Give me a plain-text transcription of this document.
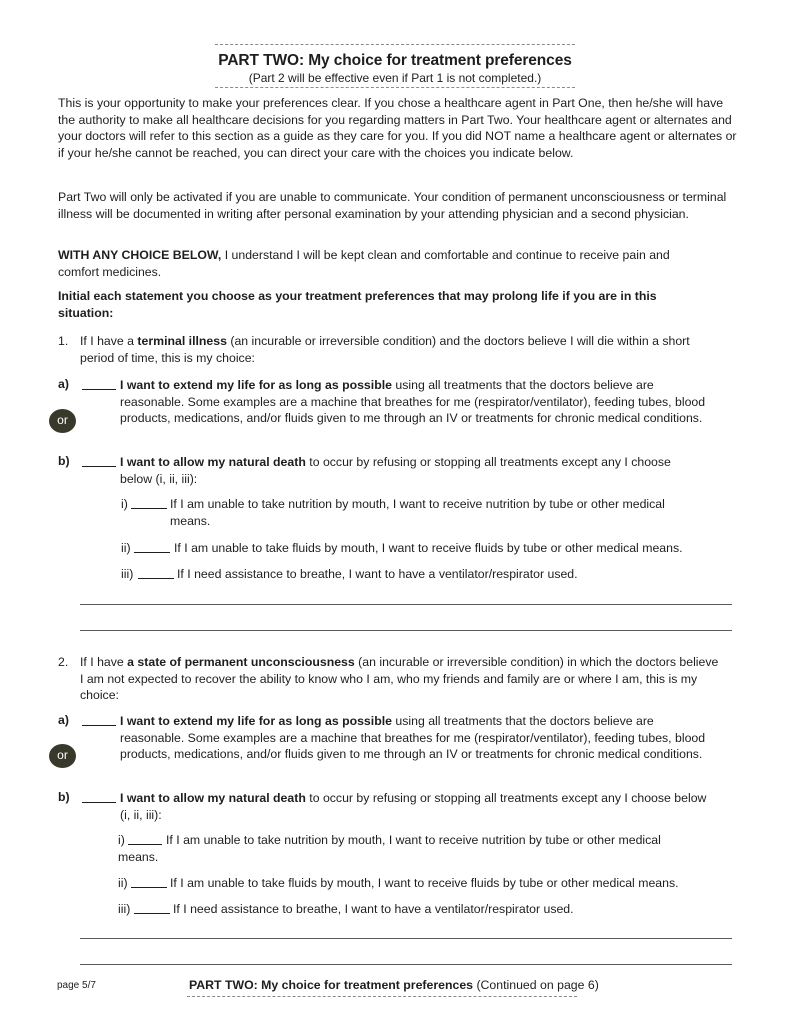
PART TWO: My choice for treatment preferences
(Part 2 will be effective even if Part 1 is not completed.)
This is your opportunity to make your preferences clear. If you chose a healthcare agent in Part One, then he/she will have the authority to make all healthcare decisions for you regarding matters in Part Two. Your healthcare agent or alternates and your doctors will refer to this section as a guide as they care for you. If you did NOT name a healthcare agent or alternates or if your he/she cannot be reached, you can direct your care with the choices you indicate below.
Part Two will only be activated if you are unable to communicate. Your condition of permanent unconsciousness or terminal illness will be documented in writing after personal examination by your attending physician and a second physician.
WITH ANY CHOICE BELOW, I understand I will be kept clean and comfortable and continue to receive pain and comfort medicines.
Initial each statement you choose as your treatment preferences that may prolong life if you are in this situation:
1. If I have a terminal illness (an incurable or irreversible condition) and the doctors believe I will die within a short period of time, this is my choice:
a)	I want to extend my life for as long as possible using all treatments that the doctors believe are reasonable. Some examples are a machine that breathes for me (respirator/ventilator), feeding tubes, blood products, medications, and/or fluids given to me through an IV or treatments for chronic medical conditions.
or
b)	I want to allow my natural death to occur by refusing or stopping all treatments except any I choose below (i, ii, iii):
i)	If I am unable to take nutrition by mouth, I want to receive nutrition by tube or other medical means.
ii)	If I am unable to take fluids by mouth, I want to receive fluids by tube or other medical means.
iii)	If I need assistance to breathe, I want to have a ventilator/respirator used.
2. If I have a state of permanent unconsciousness (an incurable or irreversible condition) in which the doctors believe I am not expected to recover the ability to know who I am, who my friends and family are or where I am, this is my choice:
a)	I want to extend my life for as long as possible using all treatments that the doctors believe are reasonable. Some examples are a machine that breathes for me (respirator/ventilator), feeding tubes, blood products, medications, and/or fluids given to me through an IV or treatments for chronic medical conditions.
or
b)	I want to allow my natural death to occur by refusing or stopping all treatments except any I choose below (i, ii, iii):
i)	If I am unable to take nutrition by mouth, I want to receive nutrition by tube or other medical means.
ii)	If I am unable to take fluids by mouth, I want to receive fluids by tube or other medical means.
iii)	If I need assistance to breathe, I want to have a ventilator/respirator used.
page 5/7	PART TWO: My choice for treatment preferences (Continued on page 6)
